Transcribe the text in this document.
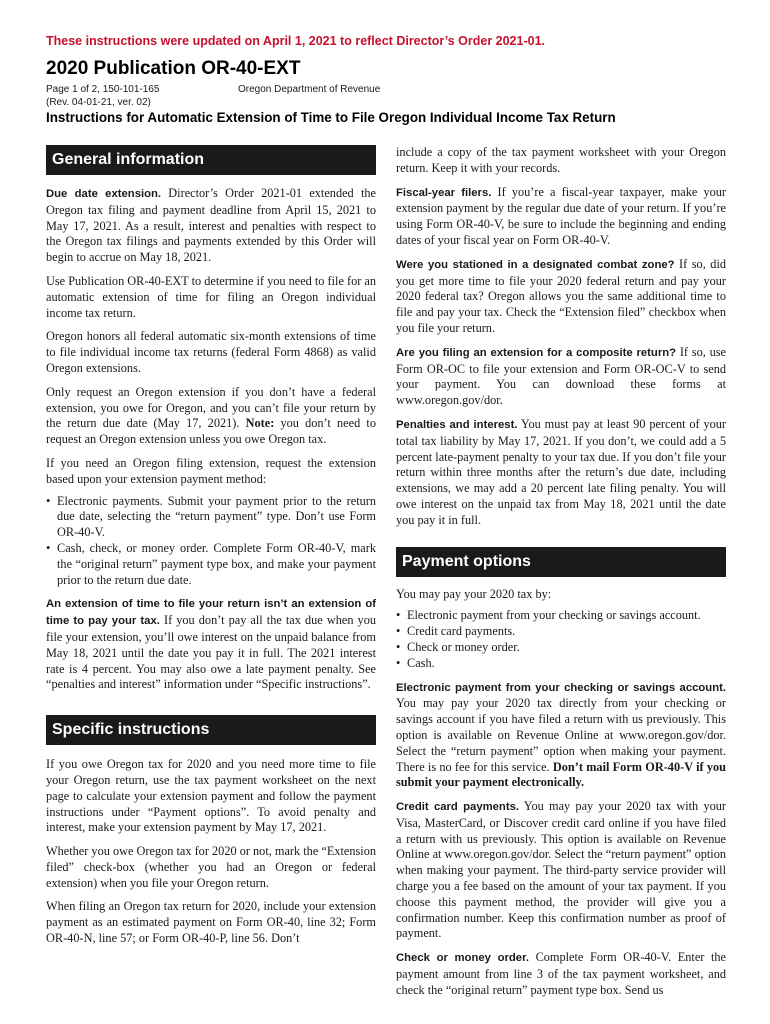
These instructions were updated on April 1, 2021 to reflect Director’s Order 2021-01.
2020 Publication OR-40-EXT
Page 1 of 2, 150-101-165
(Rev. 04-01-21, ver. 02)
Oregon Department of Revenue
Instructions for Automatic Extension of Time to File Oregon Individual Income Tax Return
General information

Due date extension. Director’s Order 2021-01 extended the Oregon tax filing and payment deadline from April 15, 2021 to May 17, 2021. As a result, interest and penalties with respect to the Oregon tax filings and payments extended by this Order will begin to accrue on May 18, 2021.

Use Publication OR-40-EXT to determine if you need to file for an automatic extension of time for filing an Oregon individual income tax return.

Oregon honors all federal automatic six-month extensions of time to file individual income tax returns (federal Form 4868) as valid Oregon extensions.

Only request an Oregon extension if you don’t have a federal extension, you owe for Oregon, and you can’t file your return by the return due date (May 17, 2021). Note: you don’t need to request an Oregon extension unless you owe Oregon tax.

If you need an Oregon filing extension, request the extension based upon your extension payment method:

• Electronic payments. Submit your payment prior to the return due date, selecting the “return payment” type. Don’t use Form OR-40-V.
• Cash, check, or money order. Complete Form OR-40-V, mark the “original return” payment type box, and make your payment prior to the return due date.

An extension of time to file your return isn’t an extension of time to pay your tax. If you don’t pay all the tax due when you file your extension, you’ll owe interest on the unpaid balance from May 18, 2021 until the date you pay it in full. The 2021 interest rate is 4 percent. You may also owe a late payment penalty. See “penalties and interest” information under “Specific instructions”.

Specific instructions

If you owe Oregon tax for 2020 and you need more time to file your Oregon return, use the tax payment worksheet on the next page to calculate your extension payment and follow the payment instructions under “Payment options”. To avoid penalty and interest, make your extension payment by May 17, 2021.

Whether you owe Oregon tax for 2020 or not, mark the “Extension filed” check-box (whether you had an Oregon or federal extension) when you file your Oregon return.

When filing an Oregon tax return for 2020, include your extension payment as an estimated payment on Form OR-40, line 32; Form OR-40-N, line 57; or Form OR-40-P, line 56. Don’t

include a copy of the tax payment worksheet with your Oregon return. Keep it with your records.

Fiscal-year filers. If you’re a fiscal-year taxpayer, make your extension payment by the regular due date of your return. If you’re using Form OR-40-V, be sure to include the beginning and ending dates of your fiscal year on Form OR-40-V.

Were you stationed in a designated combat zone? If so, did you get more time to file your 2020 federal return and pay your 2020 federal tax? Oregon allows you the same additional time to file and pay your tax. Check the “Extension filed” checkbox when you file your return.

Are you filing an extension for a composite return? If so, use Form OR-OC to file your extension and Form OR-OC-V to send your payment. You can download these forms at www.oregon.gov/dor.

Penalties and interest. You must pay at least 90 percent of your total tax liability by May 17, 2021. If you don’t, we could add a 5 percent late-payment penalty to your tax due. If you don’t file your return within three months after the return’s due date, including extensions, we may add a 20 percent late filing penalty. You will owe interest on the unpaid tax from May 18, 2021 until the date you pay it in full.

Payment options

You may pay your 2020 tax by:

• Electronic payment from your checking or savings account.
• Credit card payments.
• Check or money order.
• Cash.

Electronic payment from your checking or savings account. You may pay your 2020 tax directly from your checking or savings account if you have filed a return with us previously. This option is available on Revenue Online at www.oregon.gov/dor. Select the “return payment” option when making your payment. There is no fee for this service. Don’t mail Form OR-40-V if you submit your payment electronically.

Credit card payments. You may pay your 2020 tax with your Visa, MasterCard, or Discover credit card online if you have filed a return with us previously. This option is available on Revenue Online at www.oregon.gov/dor. Select the “return payment” option when making your payment. The third-party service provider will charge you a fee based on the amount of your tax payment. If you choose this payment method, the provider will give you a confirmation number. Keep this confirmation number as proof of payment.

Check or money order. Complete Form OR-40-V. Enter the payment amount from line 3 of the tax payment worksheet, and check the “original return” payment type box. Send us
